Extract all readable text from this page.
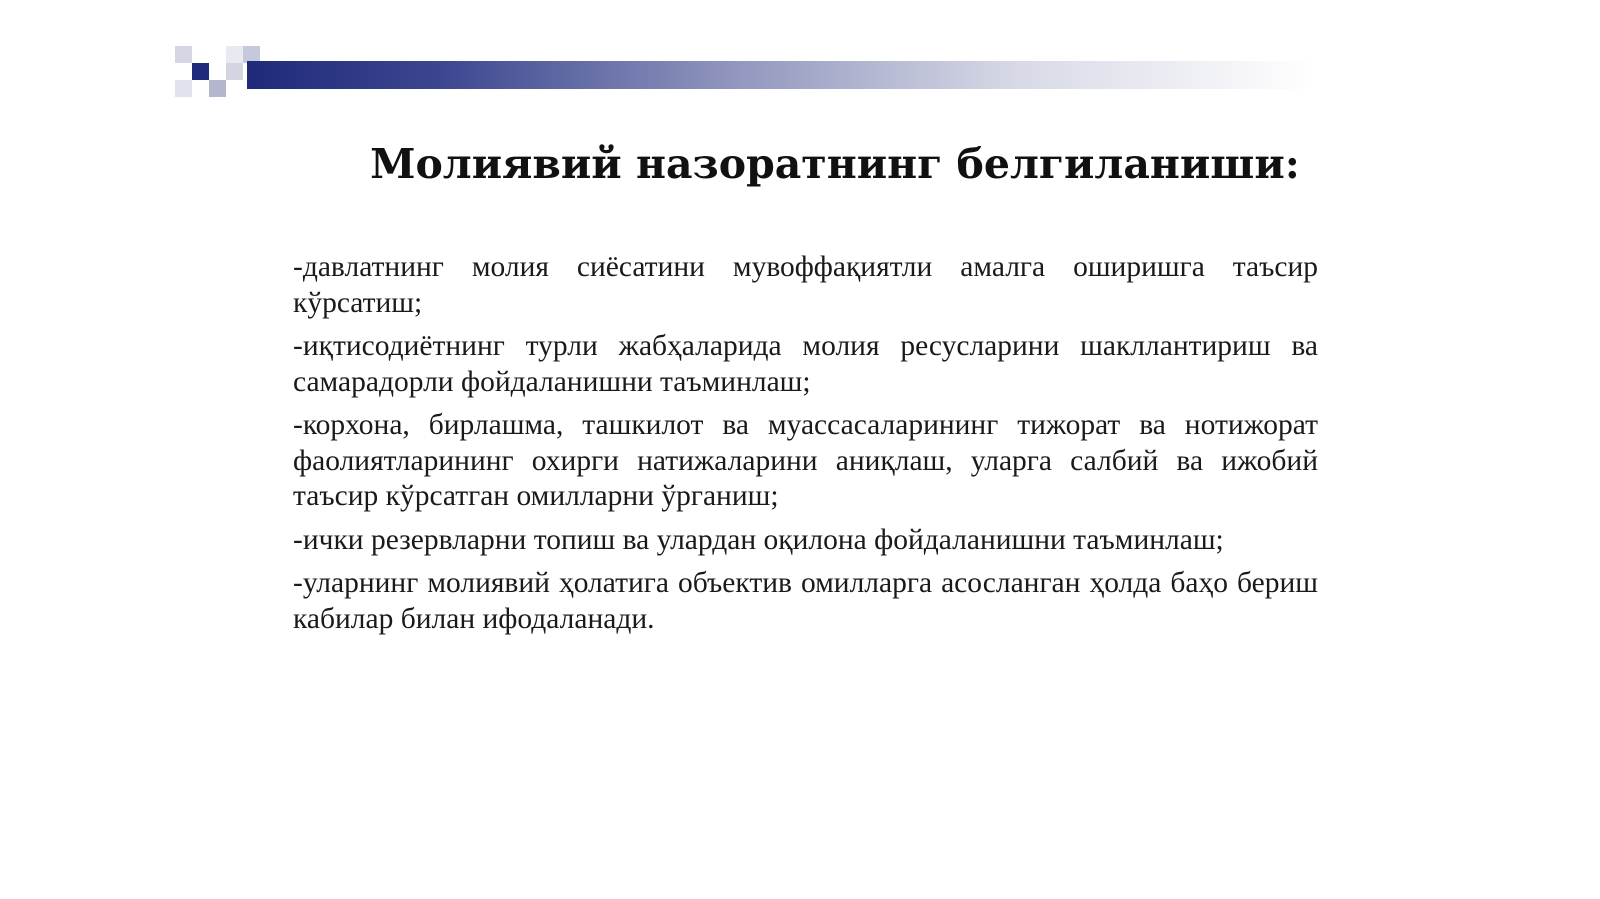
Молиявий назоратнинг белгиланиши:

-давлатнинг молия сиёсатини мувоффақиятли амалга оширишга таъсир кўрсатиш;

-иқтисодиётнинг турли жабҳаларида молия ресусларини шакллантириш ва самарадорли фойдаланишни таъминлаш;

-корхона, бирлашма, ташкилот ва муассасаларининг тижорат ва нотижорат фаолиятларининг охирги натижаларини аниқлаш, уларга салбий ва ижобий таъсир кўрсатган омилларни ўрганиш;

-ички резервларни топиш ва улардан оқилона фойдаланишни таъминлаш;

-уларнинг молиявий ҳолатига объектив омилларга асосланган ҳолда баҳо бериш кабилар билан ифодаланади.
